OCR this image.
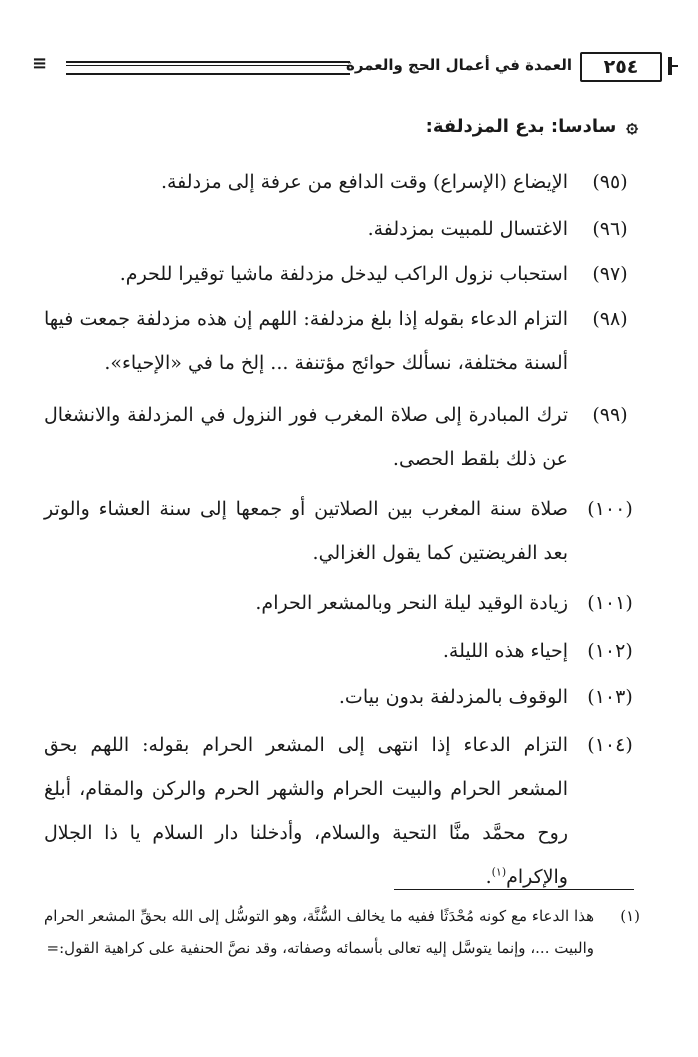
٢٥٤
العمدة في أعمال الحج والعمرة
≡
۞سادسا: بدع المزدلفة:
(٩٥)
الإيضاع (الإسراع) وقت الدافع من عرفة إلى مزدلفة.
(٩٦)
الاغتسال للمبيت بمزدلفة.
(٩٧)
استحباب نزول الراكب ليدخل مزدلفة ماشيا توقيرا للحرم.
(٩٨)
التزام الدعاء بقوله إذا بلغ مزدلفة: اللهم إن هذه مزدلفة جمعت فيها ألسنة مختلفة، نسألك حوائج مؤتنفة ... إلخ ما في «الإحياء».
(٩٩)
ترك المبادرة إلى صلاة المغرب فور النزول في المزدلفة والانشغال عن ذلك بلقط الحصى.
(١٠٠)
صلاة سنة المغرب بين الصلاتين أو جمعها إلى سنة العشاء والوتر بعد الفريضتين كما يقول الغزالي.
(١٠١)
زيادة الوقيد ليلة النحر وبالمشعر الحرام.
(١٠٢)
إحياء هذه الليلة.
(١٠٣)
الوقوف بالمزدلفة بدون بيات.
(١٠٤)
التزام الدعاء إذا انتهى إلى المشعر الحرام بقوله: اللهم بحق المشعر الحرام والبيت الحرام والشهر الحرم والركن والمقام، أبلغ روح محمَّد منَّا التحية والسلام، وأدخلنا دار السلام يا ذا الجلال والإكرام$^{(١)}$.
(١)
هذا الدعاء مع كونه مُحْدَثًا ففيه ما يخالف السُّنَّة، وهو التوسُّل إلى الله بحقِّ المشعر الحرام والبيت ...، وإنما يتوسَّل إليه تعالى بأسمائه وصفاته، وقد نصَّ الحنفية على كراهية القول:=
